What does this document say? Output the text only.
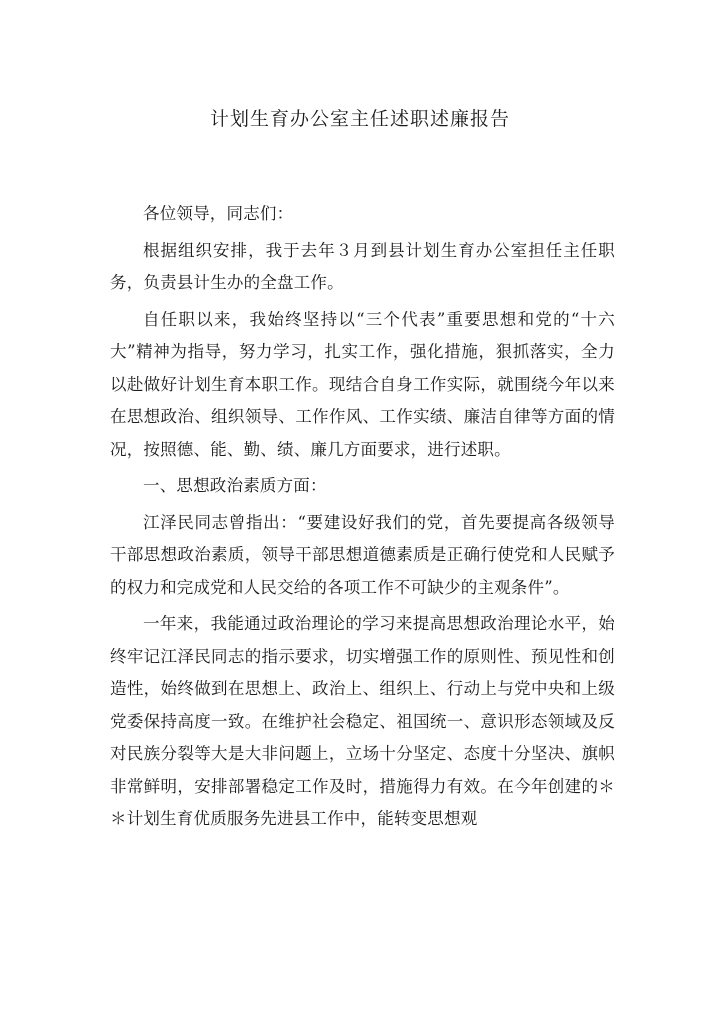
计划生育办公室主任述职述廉报告

各位领导，同志们：

根据组织安排，我于去年３月到县计划生育办公室担任主任职务，负责县计生办的全盘工作。

自任职以来，我始终坚持以“三个代表”重要思想和党的“十六大”精神为指导，努力学习，扎实工作，强化措施，狠抓落实，全力以赴做好计划生育本职工作。现结合自身工作实际，就围绕今年以来在思想政治、组织领导、工作作风、工作实绩、廉洁自律等方面的情况，按照德、能、勤、绩、廉几方面要求，进行述职。

一、思想政治素质方面：

江泽民同志曾指出：“要建设好我们的党，首先要提高各级领导干部思想政治素质，领导干部思想道德素质是正确行使党和人民赋予的权力和完成党和人民交给的各项工作不可缺少的主观条件”。

一年来，我能通过政治理论的学习来提高思想政治理论水平，始终牢记江泽民同志的指示要求，切实增强工作的原则性、预见性和创造性，始终做到在思想上、政治上、组织上、行动上与党中央和上级党委保持高度一致。在维护社会稳定、祖国统一、意识形态领域及反对民族分裂等大是大非问题上，立场十分坚定、态度十分坚决、旗帜非常鲜明，安排部署稳定工作及时，措施得力有效。在今年创建的＊＊计划生育优质服务先进县工作中，能转变思想观
